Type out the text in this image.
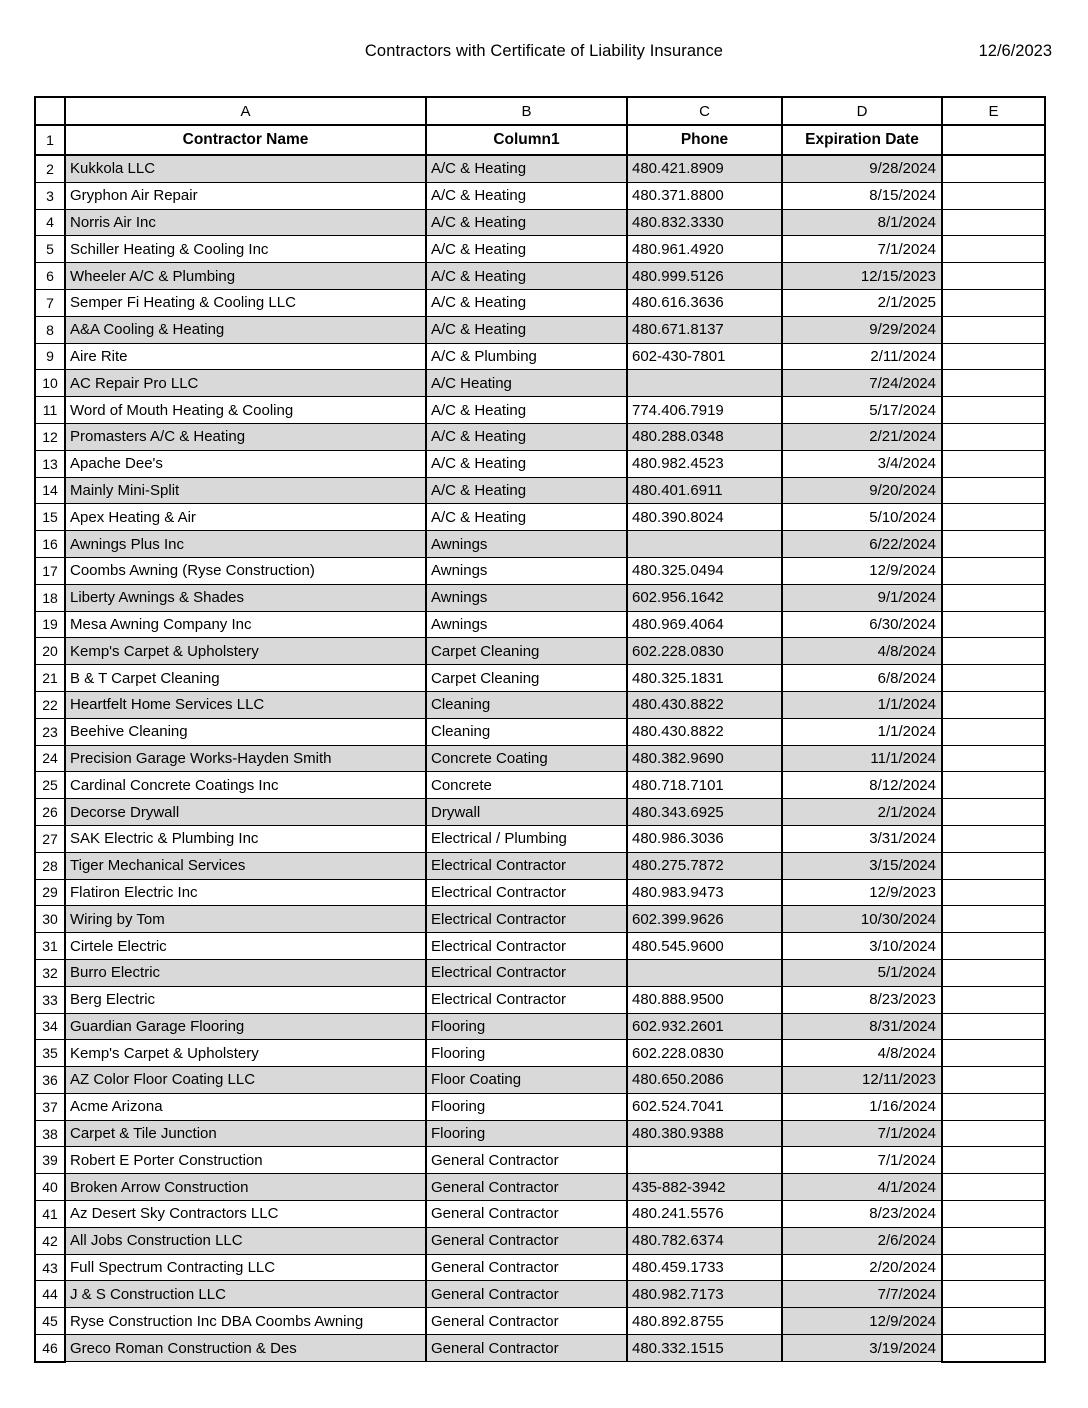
Contractors with Certificate of Liability Insurance	12/6/2023
	A	B	C	D	E
1	Contractor Name	Column1	Phone	Expiration Date	
2	Kukkola LLC	A/C & Heating	480.421.8909	9/28/2024	
3	Gryphon Air Repair	A/C & Heating	480.371.8800	8/15/2024	
4	Norris Air Inc	A/C & Heating	480.832.3330	8/1/2024	
5	Schiller Heating & Cooling Inc	A/C & Heating	480.961.4920	7/1/2024	
6	Wheeler A/C & Plumbing	A/C & Heating	480.999.5126	12/15/2023	
7	Semper Fi Heating & Cooling LLC	A/C & Heating	480.616.3636	2/1/2025	
8	A&A Cooling & Heating	A/C & Heating	480.671.8137	9/29/2024	
9	Aire Rite	A/C & Plumbing	602-430-7801	2/11/2024	
10	AC Repair Pro LLC	A/C Heating		7/24/2024	
11	Word of Mouth Heating & Cooling	A/C & Heating	774.406.7919	5/17/2024	
12	Promasters A/C & Heating	A/C & Heating	480.288.0348	2/21/2024	
13	Apache Dee's	A/C & Heating	480.982.4523	3/4/2024	
14	Mainly Mini-Split	A/C & Heating	480.401.6911	9/20/2024	
15	Apex Heating & Air	A/C & Heating	480.390.8024	5/10/2024	
16	Awnings Plus Inc	Awnings		6/22/2024	
17	Coombs Awning (Ryse Construction)	Awnings	480.325.0494	12/9/2024	
18	Liberty Awnings & Shades	Awnings	602.956.1642	9/1/2024	
19	Mesa Awning Company Inc	Awnings	480.969.4064	6/30/2024	
20	Kemp's Carpet & Upholstery	Carpet Cleaning	602.228.0830	4/8/2024	
21	B & T Carpet Cleaning	Carpet Cleaning	480.325.1831	6/8/2024	
22	Heartfelt Home Services LLC	Cleaning	480.430.8822	1/1/2024	
23	Beehive Cleaning	Cleaning	480.430.8822	1/1/2024	
24	Precision Garage Works-Hayden Smith	Concrete Coating	480.382.9690	11/1/2024	
25	Cardinal Concrete Coatings Inc	Concrete	480.718.7101	8/12/2024	
26	Decorse Drywall	Drywall	480.343.6925	2/1/2024	
27	SAK Electric & Plumbing Inc	Electrical / Plumbing	480.986.3036	3/31/2024	
28	Tiger Mechanical Services	Electrical Contractor	480.275.7872	3/15/2024	
29	Flatiron Electric Inc	Electrical Contractor	480.983.9473	12/9/2023	
30	Wiring by Tom	Electrical Contractor	602.399.9626	10/30/2024	
31	Cirtele Electric	Electrical Contractor	480.545.9600	3/10/2024	
32	Burro Electric	Electrical Contractor		5/1/2024	
33	Berg Electric	Electrical Contractor	480.888.9500	8/23/2023	
34	Guardian Garage Flooring	Flooring	602.932.2601	8/31/2024	
35	Kemp's Carpet & Upholstery	Flooring	602.228.0830	4/8/2024	
36	AZ Color Floor Coating LLC	Floor Coating	480.650.2086	12/11/2023	
37	Acme Arizona	Flooring	602.524.7041	1/16/2024	
38	Carpet & Tile Junction	Flooring	480.380.9388	7/1/2024	
39	Robert E Porter Construction	General Contractor		7/1/2024	
40	Broken Arrow Construction	General Contractor	435-882-3942	4/1/2024	
41	Az Desert Sky Contractors LLC	General Contractor	480.241.5576	8/23/2024	
42	All Jobs Construction LLC	General Contractor	480.782.6374	2/6/2024	
43	Full Spectrum Contracting LLC	General Contractor	480.459.1733	2/20/2024	
44	J & S Construction LLC	General Contractor	480.982.7173	7/7/2024	
45	Ryse Construction Inc DBA Coombs Awning	General Contractor	480.892.8755	12/9/2024	
46	Greco Roman Construction & Des	General Contractor	480.332.1515	3/19/2024	
